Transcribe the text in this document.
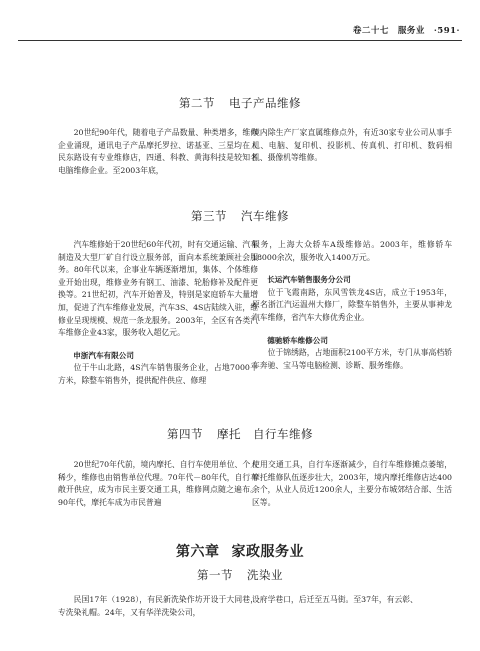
卷二十七　服务业　·591·
第二节 电子产品维修

20世纪90年代，随着电子产品数量、种类增多，维修企业涌现，通讯电子产品摩托罗拉、诺基亚、三星均在人民东路设有专业维修店，四通、科教、黄海科技是较知名电脑维修企业。至2003年底，

境内除生产厂家直属维修点外，有近30家专业公司从事手机、电脑、复印机、投影机、传真机、打印机、数码相机、摄像机等维修。

第三节 汽车维修

汽车维修始于20世纪60年代初，时有交通运输、汽车制造及大型厂矿自行设立服务部，面向本系统兼顾社会服务。80年代以来，企事业车辆逐渐增加，集体、个体维修业开始出现，维修业务有钢工、油漆、轮胎修补及配件更换等。21世纪初，汽车开始普及，特别是家庭轿车大量增加，促进了汽车维修业发展，汽车3S、4S店陆续入驻，维修业呈现规模、规范一条龙服务。2003年，全区有各类汽车维修企业43家，服务收入超亿元。

申浙汽车有限公司

位于牛山北路，4S汽车销售服务企业，占地7000平方米，除整车销售外，提供配件供应、修理

服务，上海大众轿车A级维修站。2003年，维修轿车18000余次，服务收入1400万元。

长运汽车销售服务分公司

位于飞霞南路，东风雪铁龙4S店，成立于1953年，原名浙江汽运温州大修厂，除整车销售外，主要从事神龙汽车维修，省汽车大修优秀企业。

德驰轿车维修公司

位于锦绣路，占地面积2100平方米，专门从事高档轿车奔驰、宝马等电脑检测、诊断、服务维修。

第四节 摩托　自行车维修

20世纪70年代前，境内摩托、自行车使用单位、个人稀少，维修也由销售单位代理。70年代－80年代，自行车敞开供应，成为市民主要交通工具，维修网点随之遍布。90年代，摩托车成为市民普遍

使用交通工具，自行车逐渐减少，自行车维修摊点萎缩，摩托维修队伍逐步壮大，2003年，境内摩托维修店达400余个，从业人员近1200余人，主要分布城郊结合部、生活区等。

第六章 家政服务业
第一节 洗染业

民国17年（1928），有民新洗染作坊开设于大同巷，专洗染礼帽。24年，又有华洋洗染公司，

设府学巷口，后迁至五马街。至37年，有云彰、
